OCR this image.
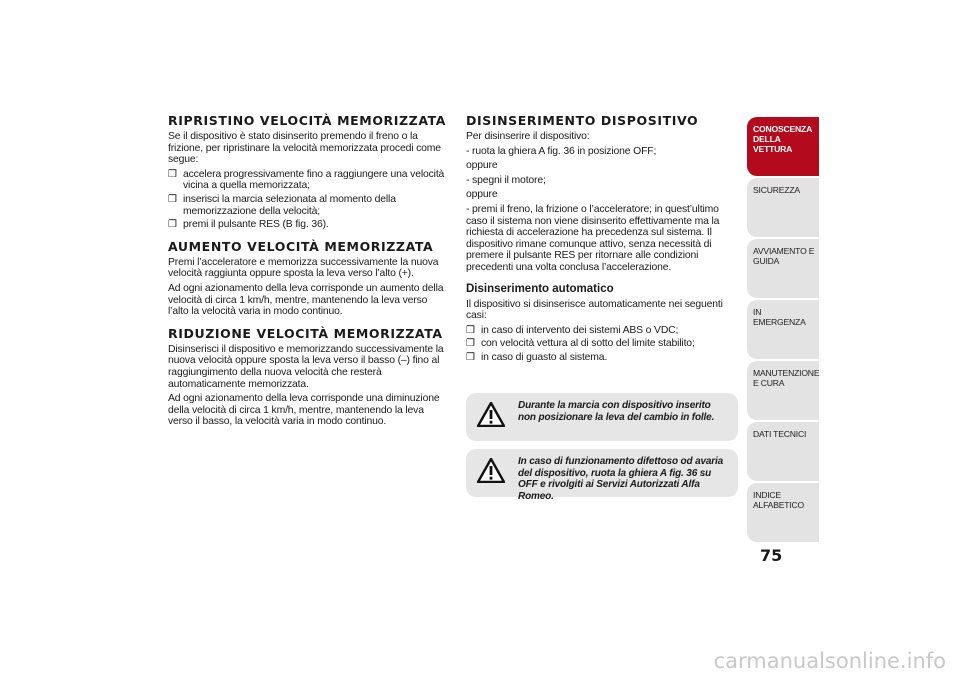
RIPRISTINO VELOCITÀ MEMORIZZATA

Se il dispositivo è stato disinserito premendo il freno o la frizione, per ripristinare la velocità memorizzata procedi come segue:

❒ accelera progressivamente fino a raggiungere una velocità vicina a quella memorizzata;
❒ inserisci la marcia selezionata al momento della memorizzazione della velocità;
❒ premi il pulsante RES (B fig. 36).
AUMENTO VELOCITÀ MEMORIZZATA

Premi l’acceleratore e memorizza successivamente la nuova velocità raggiunta oppure sposta la leva verso l’alto (+).

Ad ogni azionamento della leva corrisponde un aumento della velocità di circa 1 km/h, mentre, mantenendo la leva verso l’alto la velocità varia in modo continuo.

RIDUZIONE VELOCITÀ MEMORIZZATA

Disinserisci il dispositivo e memorizzando successivamente la nuova velocità oppure sposta la leva verso il basso (–) fino al raggiungimento della nuova velocità che resterà automaticamente memorizzata.

Ad ogni azionamento della leva corrisponde una diminuzione della velocità di circa 1 km/h, mentre, mantenendo la leva verso il basso, la velocità varia in modo continuo.

DISINSERIMENTO DISPOSITIVO

Per disinserire il dispositivo:

- ruota la ghiera A fig. 36 in posizione OFF;

oppure

- spegni il motore;

oppure

- premi il freno, la frizione o l’acceleratore; in quest’ultimo caso il sistema non viene disinserito effettivamente ma la richiesta di accelerazione ha precedenza sul sistema. Il dispositivo rimane comunque attivo, senza necessità di premere il pulsante RES per ritornare alle condizioni precedenti una volta conclusa l’accelerazione.

Disinserimento automatico

Il dispositivo si disinserisce automaticamente nei seguenti casi:

❒ in caso di intervento dei sistemi ABS o VDC;
❒ con velocità vettura al di sotto del limite stabilito;
❒ in caso di guasto al sistema.

Durante la marcia con dispositivo inserito non posizionare la leva del cambio in folle.

In caso di funzionamento difettoso od avaria del dispositivo, ruota la ghiera A fig. 36 su OFF e rivolgiti ai Servizi Autorizzati Alfa Romeo.

CONOSCENZA DELLA VETTURA
SICUREZZA
AVVIAMENTO E GUIDA
IN EMERGENZA
MANUTENZIONE E CURA
DATI TECNICI
INDICE ALFABETICO
75
carmanualsonline.info
